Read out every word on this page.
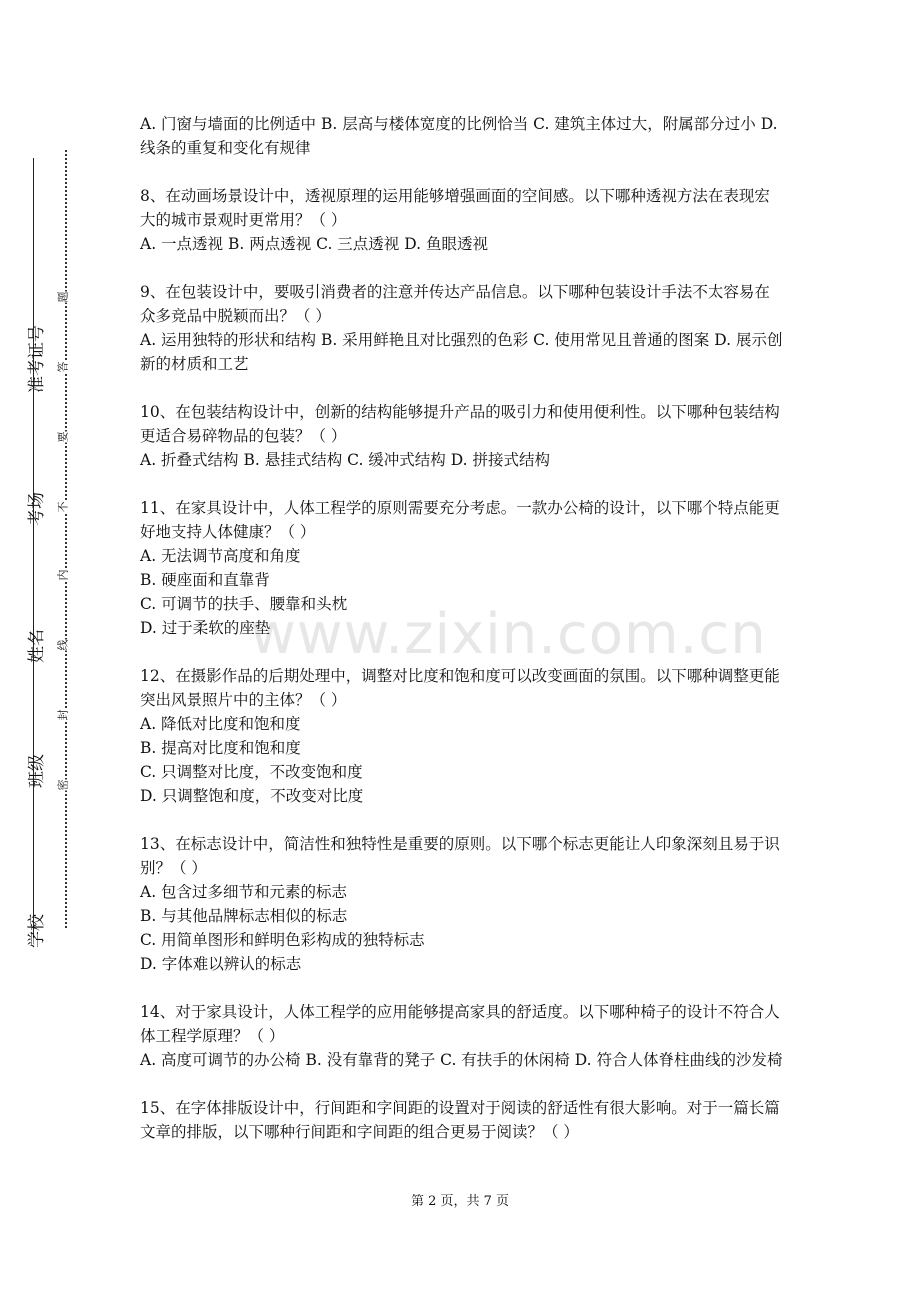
准考证号
考场
姓名
班级
学校
题
答
要
不
内
线
封
密
www.zixin.com.cn

A. 门窗与墙面的比例适中 B. 层高与楼体宽度的比例恰当 C. 建筑主体过大，附属部分过小 D. 线条的重复和变化有规律

8、在动画场景设计中，透视原理的运用能够增强画面的空间感。以下哪种透视方法在表现宏大的城市景观时更常用？（ ）

A. 一点透视 B. 两点透视 C. 三点透视 D. 鱼眼透视

9、在包装设计中，要吸引消费者的注意并传达产品信息。以下哪种包装设计手法不太容易在众多竞品中脱颖而出？（ ）

A. 运用独特的形状和结构 B. 采用鲜艳且对比强烈的色彩 C. 使用常见且普通的图案 D. 展示创新的材质和工艺

10、在包装结构设计中，创新的结构能够提升产品的吸引力和使用便利性。以下哪种包装结构更适合易碎物品的包装？（ ）

A. 折叠式结构 B. 悬挂式结构 C. 缓冲式结构 D. 拼接式结构

11、在家具设计中，人体工程学的原则需要充分考虑。一款办公椅的设计，以下哪个特点能更好地支持人体健康？（ ）

A. 无法调节高度和角度

B. 硬座面和直靠背

C. 可调节的扶手、腰靠和头枕

D. 过于柔软的座垫

12、在摄影作品的后期处理中，调整对比度和饱和度可以改变画面的氛围。以下哪种调整更能突出风景照片中的主体？（ ）

A. 降低对比度和饱和度

B. 提高对比度和饱和度

C. 只调整对比度，不改变饱和度

D. 只调整饱和度，不改变对比度

13、在标志设计中，简洁性和独特性是重要的原则。以下哪个标志更能让人印象深刻且易于识别？（ ）

A. 包含过多细节和元素的标志

B. 与其他品牌标志相似的标志

C. 用简单图形和鲜明色彩构成的独特标志

D. 字体难以辨认的标志

14、对于家具设计，人体工程学的应用能够提高家具的舒适度。以下哪种椅子的设计不符合人体工程学原理？（ ）

A. 高度可调节的办公椅 B. 没有靠背的凳子 C. 有扶手的休闲椅 D. 符合人体脊柱曲线的沙发椅

15、在字体排版设计中，行间距和字间距的设置对于阅读的舒适性有很大影响。对于一篇长篇文章的排版，以下哪种行间距和字间距的组合更易于阅读？（ ）

第 2 页，共 7 页
